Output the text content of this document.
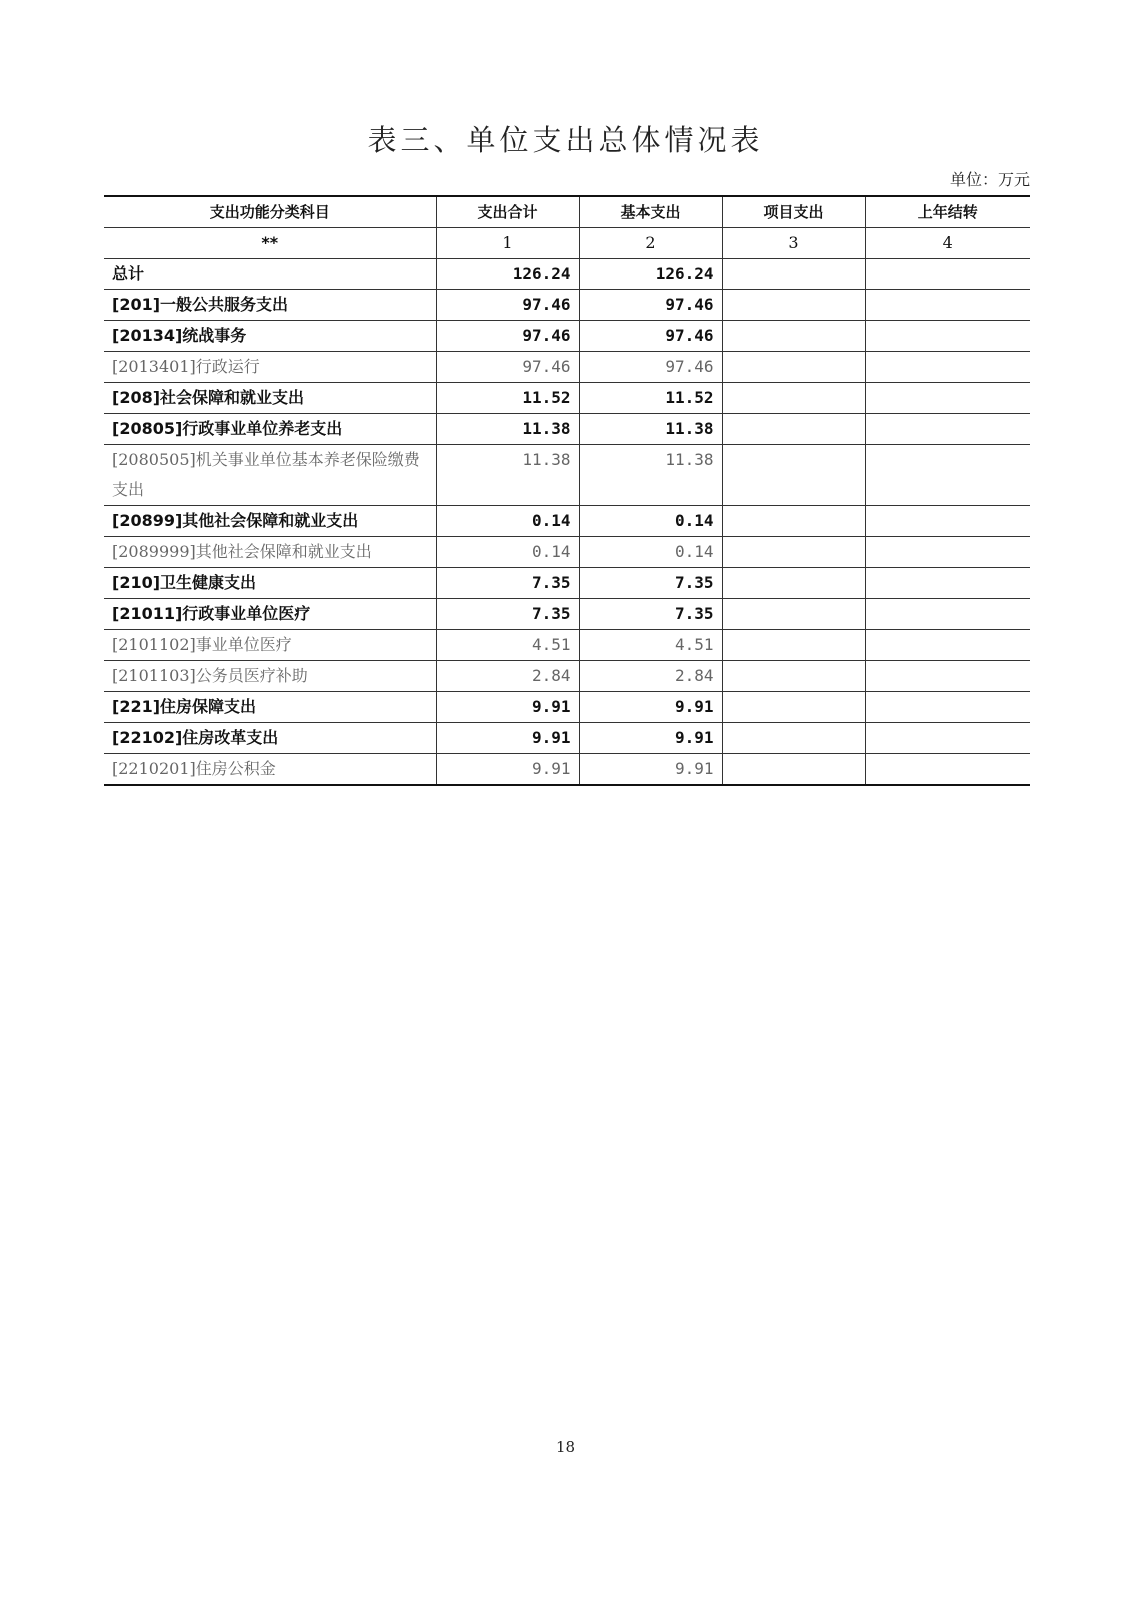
表三、单位支出总体情况表
单位：万元
支出功能分类科目	支出合计	基本支出	项目支出	上年结转
**	1	2	3	4
总计	126.24	126.24		
[201]一般公共服务支出	97.46	97.46		
[20134]统战事务	97.46	97.46		
[2013401]行政运行	97.46	97.46		
[208]社会保障和就业支出	11.52	11.52		
[20805]行政事业单位养老支出	11.38	11.38		
[2080505]机关事业单位基本养老保险缴费支出	11.38	11.38		
[20899]其他社会保障和就业支出	0.14	0.14		
[2089999]其他社会保障和就业支出	0.14	0.14		
[210]卫生健康支出	7.35	7.35		
[21011]行政事业单位医疗	7.35	7.35		
[2101102]事业单位医疗	4.51	4.51		
[2101103]公务员医疗补助	2.84	2.84		
[221]住房保障支出	9.91	9.91		
[22102]住房改革支出	9.91	9.91		
[2210201]住房公积金	9.91	9.91		
18
